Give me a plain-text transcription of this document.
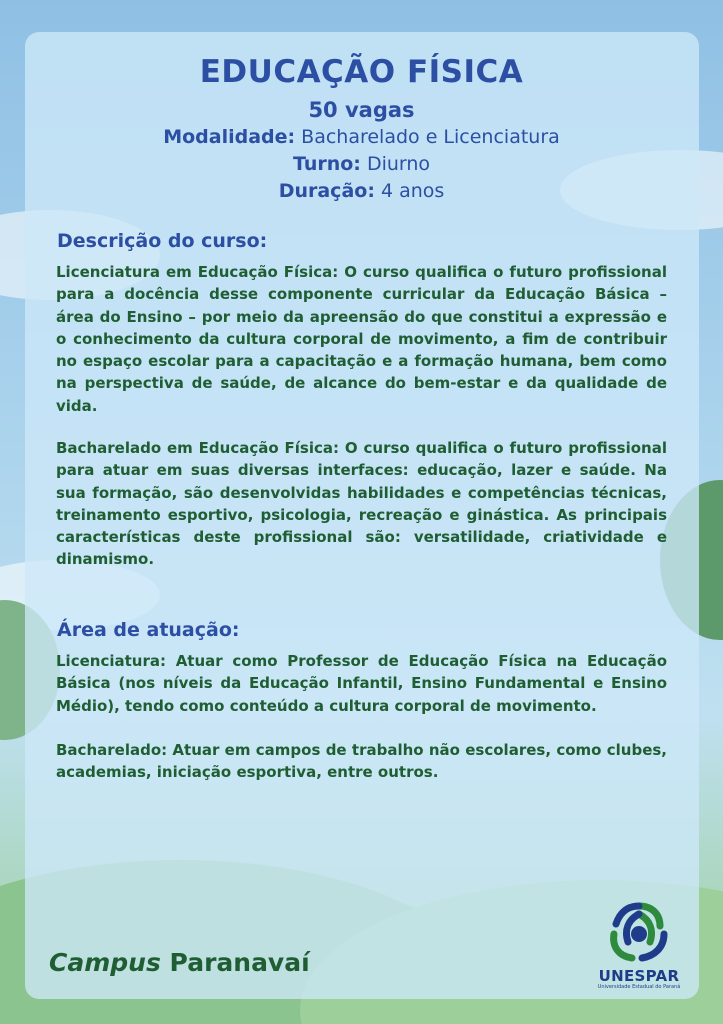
EDUCAÇÃO FÍSICA
50 vagas
Modalidade: Bacharelado e Licenciatura
Turno: Diurno
Duração: 4 anos
Descrição do curso:

Licenciatura em Educação Física: O curso qualifica o futuro profissional para a docência desse componente curricular da Educação Básica – área do Ensino – por meio da apreensão do que constitui a expressão e o conhecimento da cultura corporal de movimento, a fim de contribuir no espaço escolar para a capacitação e a formação humana, bem como na perspectiva de saúde, de alcance do bem-estar e da qualidade de vida.

Bacharelado em Educação Física: O curso qualifica o futuro profissional para atuar em suas diversas interfaces: educação, lazer e saúde. Na sua formação, são desenvolvidas habilidades e competências técnicas, treinamento esportivo, psicologia, recreação e ginástica. As principais características deste profissional são: versatilidade, criatividade e dinamismo.

Área de atuação:

Licenciatura: Atuar como Professor de Educação Física na Educação Básica (nos níveis da Educação Infantil, Ensino Fundamental e Ensino Médio), tendo como conteúdo a cultura corporal de movimento.

Bacharelado: Atuar em campos de trabalho não escolares, como clubes, academias, iniciação esportiva, entre outros.

Campus Paranavaí	UNESPAR
Universidade Estadual do Paraná
